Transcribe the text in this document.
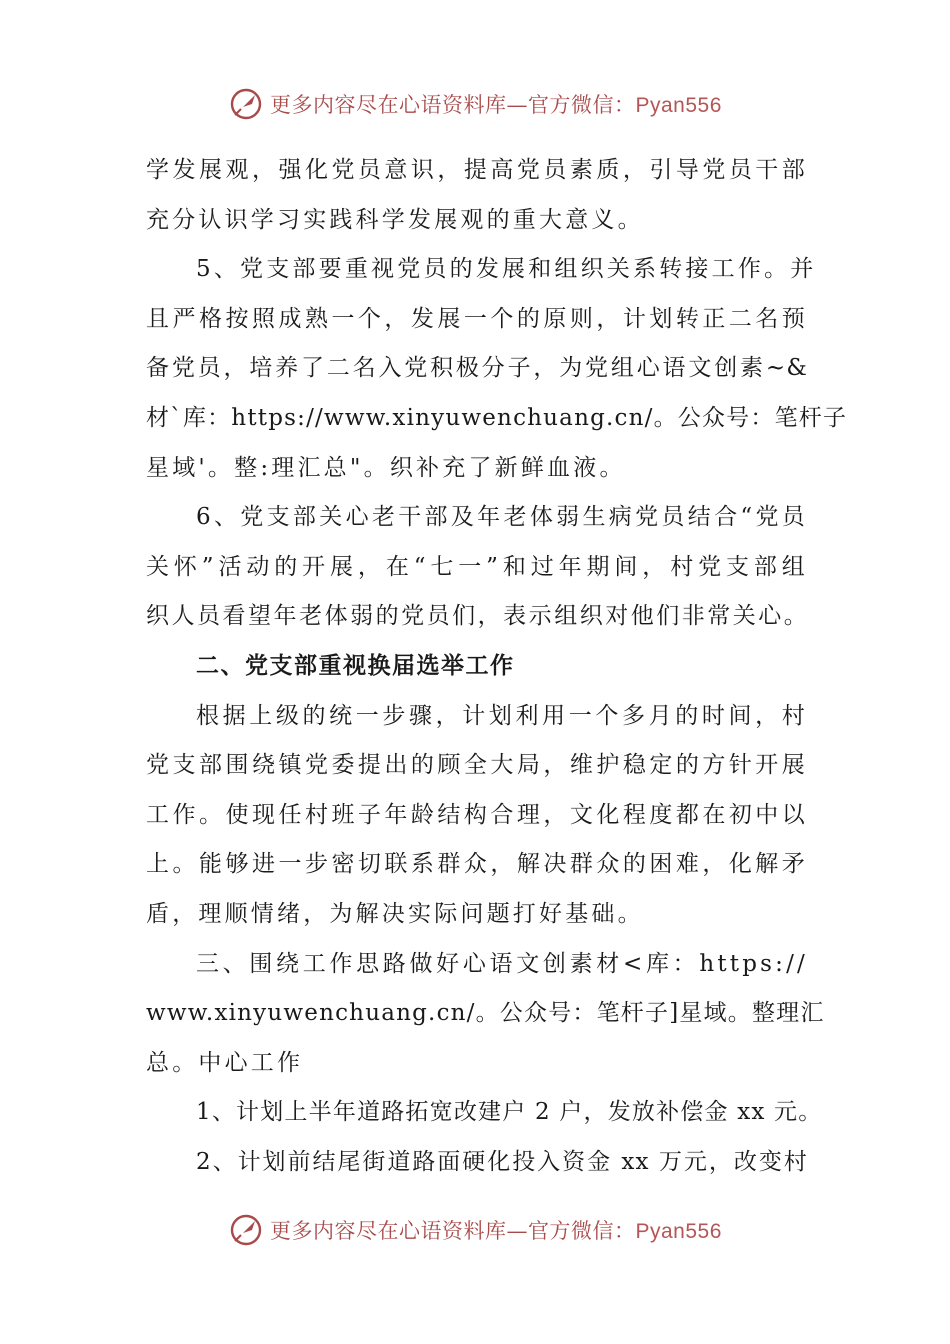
更多内容尽在心语资料库—官方微信：Pyan556
学发展观，强化党员意识，提高党员素质，引导党员干部
充分认识学习实践科学发展观的重大意义。
5、党支部要重视党员的发展和组织关系转接工作。并
且严格按照成熟一个，发展一个的原则，计划转正二名预
备党员，培养了二名入党积极分子，为党组心语文创素~&
材`库：https://www.xinyuwenchuang.cn/。公众号：笔杆子
星域'。整:理汇总"。织补充了新鲜血液。
6、党支部关心老干部及年老体弱生病党员结合“党员
关怀”活动的开展，在“七一”和过年期间，村党支部组
织人员看望年老体弱的党员们，表示组织对他们非常关心。
二、党支部重视换届选举工作
根据上级的统一步骤，计划利用一个多月的时间，村
党支部围绕镇党委提出的顾全大局，维护稳定的方针开展
工作。使现任村班子年龄结构合理，文化程度都在初中以
上。能够进一步密切联系群众，解决群众的困难，化解矛
盾，理顺情绪，为解决实际问题打好基础。
三、围绕工作思路做好心语文创素材<库：https://
www.xinyuwenchuang.cn/。公众号：笔杆子]星域。整理汇
总。中心工作
1、计划上半年道路拓宽改建户 2 户，发放补偿金 xx 元。
2、计划前结尾街道路面硬化投入资金 xx 万元，改变村
更多内容尽在心语资料库—官方微信：Pyan556
